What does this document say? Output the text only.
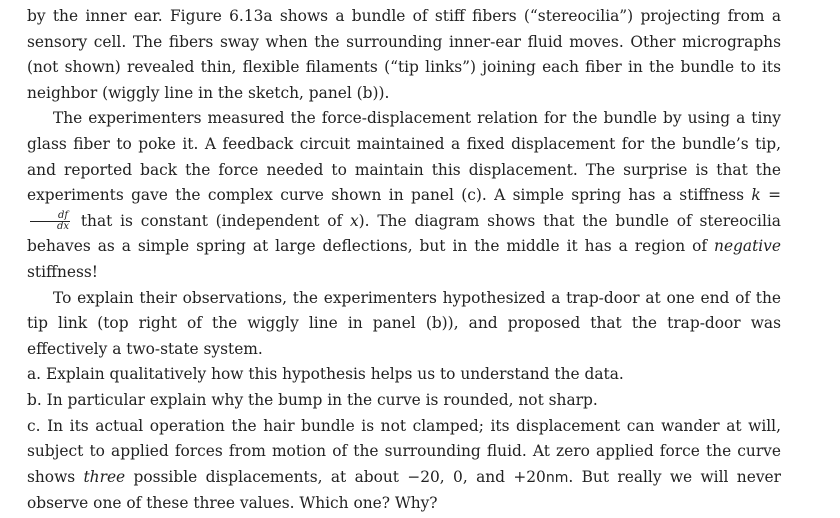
by the inner ear. Figure 6.13a shows a bundle of stiff fibers (“stereocilia”) projecting from a sensory cell. The fibers sway when the surrounding inner-ear fluid moves. Other micrographs (not shown) revealed thin, flexible filaments (“tip links”) joining each fiber in the bundle to its neighbor (wiggly line in the sketch, panel (b)).

The experimenters measured the force-displacement relation for the bundle by using a tiny glass fiber to poke it. A feedback circuit maintained a fixed displacement for the bundle’s tip, and reported back the force needed to maintain this displacement. The surprise is that the experiments gave the complex curve shown in panel (c). A simple spring has a stiffness k =
$\frac{df}{dx}$ that is constant (independent of x). The diagram shows that the bundle of stereocilia behaves as a simple spring at large deflections, but in the middle it has a region of negative stiffness!

To explain their observations, the experimenters hypothesized a trap-door at one end of the tip link (top right of the wiggly line in panel (b)), and proposed that the trap-door was effectively a two-state system.

a. Explain qualitatively how this hypothesis helps us to understand the data.

b. In particular explain why the bump in the curve is rounded, not sharp.

c. In its actual operation the hair bundle is not clamped; its displacement can wander at will, subject to applied forces from motion of the surrounding fluid. At zero applied force the curve shows three possible displacements, at about −20, 0, and +20nm. But really we will never observe one of these three values. Which one? Why?
